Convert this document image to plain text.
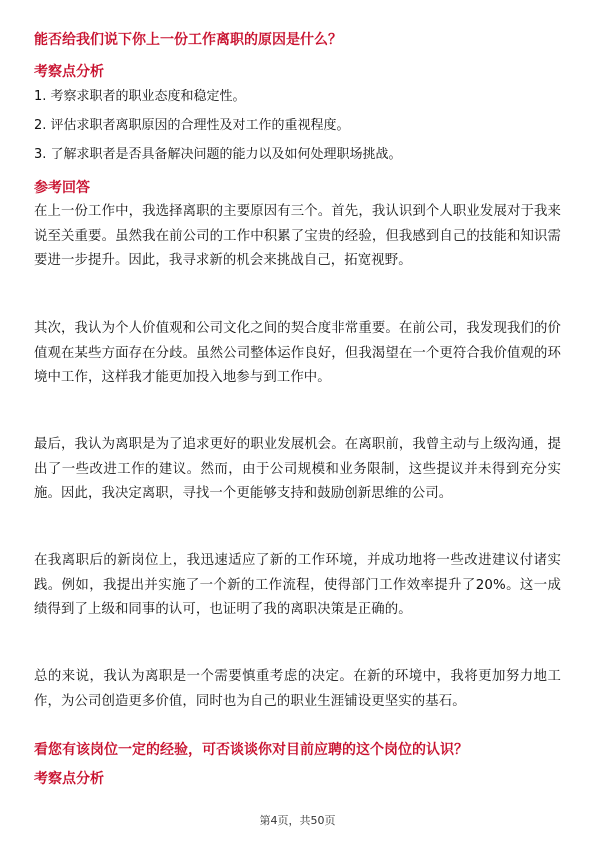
能否给我们说下你上一份工作离职的原因是什么？
考察点分析
1. 考察求职者的职业态度和稳定性。
2. 评估求职者离职原因的合理性及对工作的重视程度。
3. 了解求职者是否具备解决问题的能力以及如何处理职场挑战。
参考回答
在上一份工作中，我选择离职的主要原因有三个。首先，我认识到个人职业发展对于我来说至关重要。虽然我在前公司的工作中积累了宝贵的经验，但我感到自己的技能和知识需要进一步提升。因此，我寻求新的机会来挑战自己，拓宽视野。
其次，我认为个人价值观和公司文化之间的契合度非常重要。在前公司，我发现我们的价值观在某些方面存在分歧。虽然公司整体运作良好，但我渴望在一个更符合我价值观的环境中工作，这样我才能更加投入地参与到工作中。
最后，我认为离职是为了追求更好的职业发展机会。在离职前，我曾主动与上级沟通，提出了一些改进工作的建议。然而，由于公司规模和业务限制，这些提议并未得到充分实施。因此，我决定离职，寻找一个更能够支持和鼓励创新思维的公司。
在我离职后的新岗位上，我迅速适应了新的工作环境，并成功地将一些改进建议付诸实践。例如，我提出并实施了一个新的工作流程，使得部门工作效率提升了20%。这一成绩得到了上级和同事的认可，也证明了我的离职决策是正确的。
总的来说，我认为离职是一个需要慎重考虑的决定。在新的环境中，我将更加努力地工作，为公司创造更多价值，同时也为自己的职业生涯铺设更坚实的基石。
看您有该岗位一定的经验，可否谈谈你对目前应聘的这个岗位的认识？
考察点分析
第4页，共50页
